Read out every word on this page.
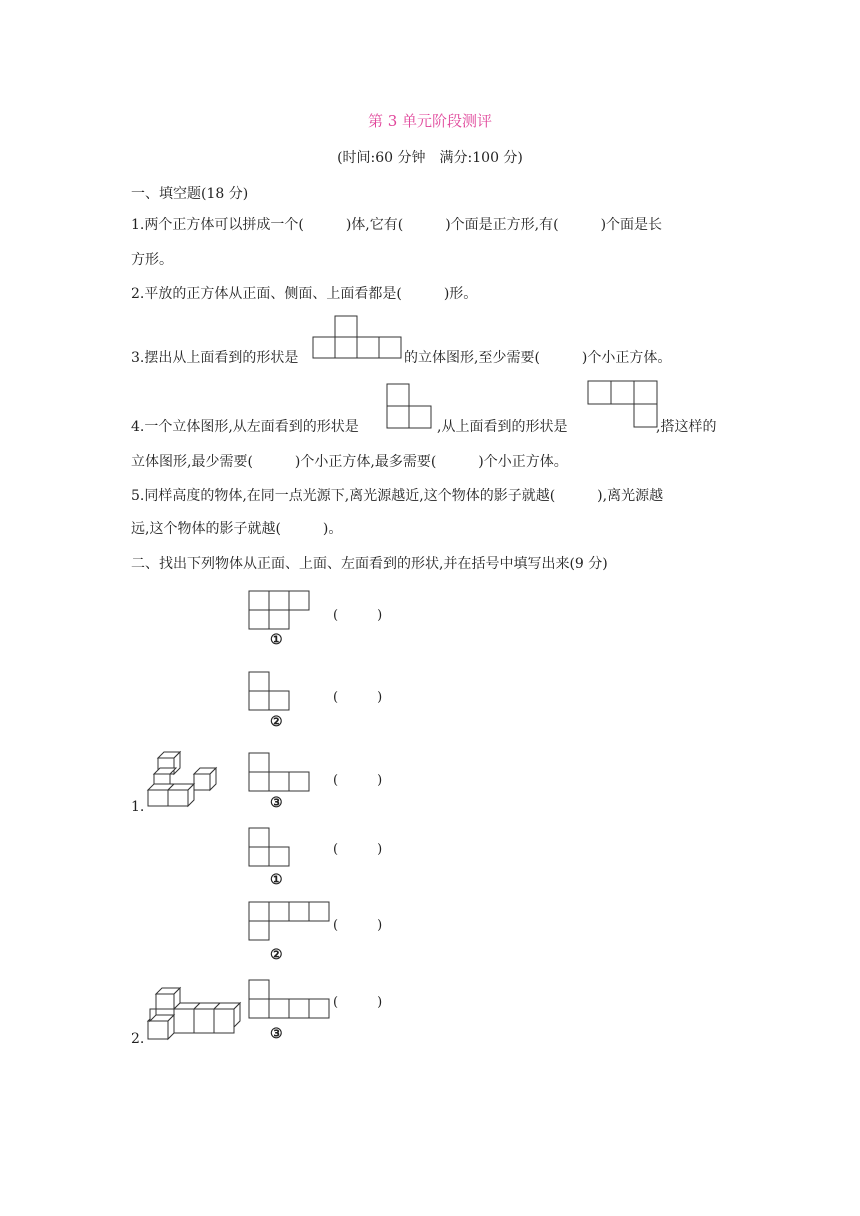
第 3 单元阶段测评
(时间:60 分钟　满分:100 分)
一、填空题(18 分)
1.两个正方体可以拼成一个(　　　)体,它有(　　　)个面是正方形,有(　　　)个面是长
方形。
2.平放的正方体从正面、侧面、上面看都是(　　　)形。
3.摆出从上面看到的形状是	的立体图形,至少需要(　　　)个小正方体。
4.一个立体图形,从左面看到的形状是	,从上面看到的形状是	,搭这样的
立体图形,最少需要(　　　)个小正方体,最多需要(　　　)个小正方体。
5.同样高度的物体,在同一点光源下,离光源越近,这个物体的影子就越(　　　),离光源越
远,这个物体的影子就越(　　　)。
二、找出下列物体从正面、上面、左面看到的形状,并在括号中填写出来(9 分)
①
(　　　)
②
(　　　)
1.	③
(　　　)
①
(　　　)
②
(　　　)
2.	③
(　　　)
